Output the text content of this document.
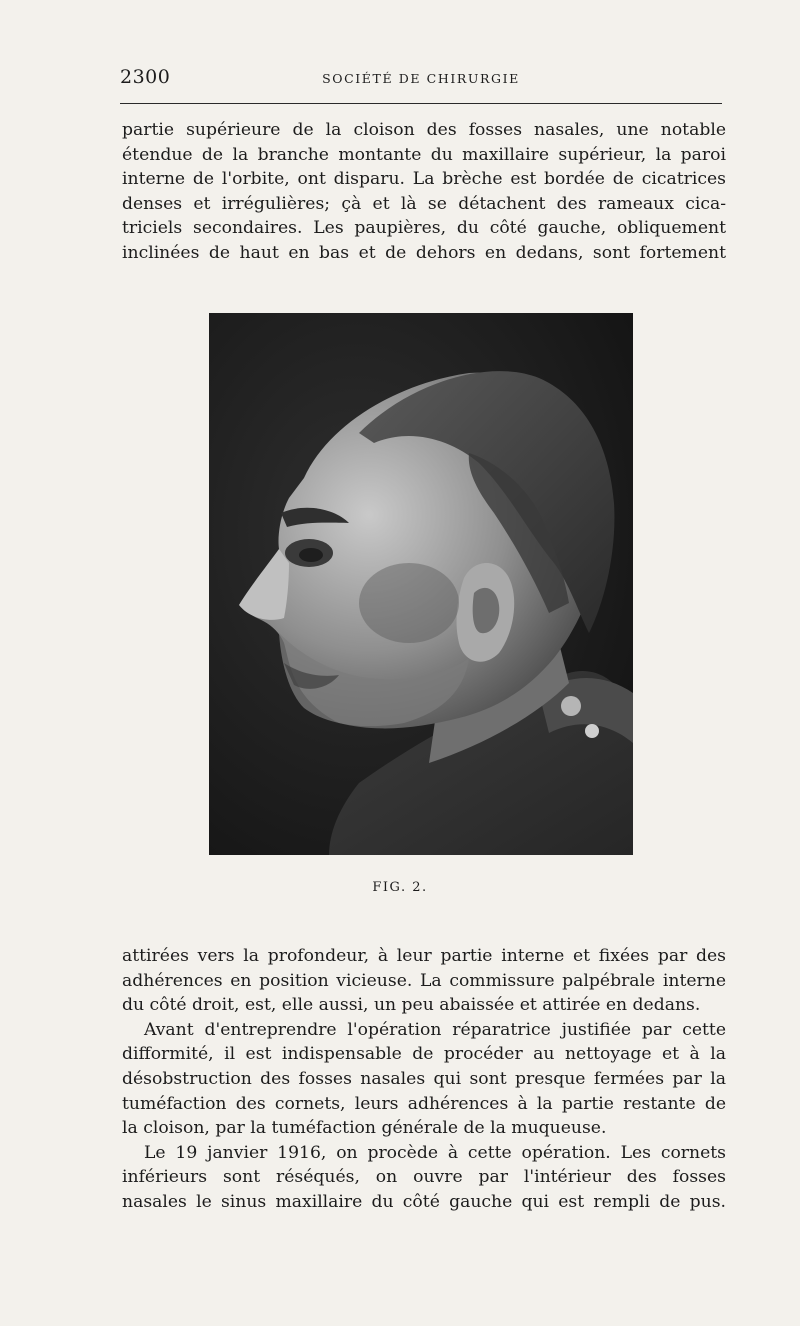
2300	SOCIÉTÉ DE CHIRURGIE
partie supérieure de la cloison des fosses nasales, une notable
étendue de la branche montante du maxillaire supérieur, la paroi
interne de l'orbite, ont disparu. La brèche est bordée de cicatrices
denses et irrégulières; çà et là se détachent des rameaux cica-
triciels secondaires. Les paupières, du côté gauche, obliquement
inclinées de haut en bas et de dehors en dedans, sont fortement
FIG. 2.
attirées vers la profondeur, à leur partie interne et fixées par des
adhérences en position vicieuse. La commissure palpébrale interne
du côté droit, est, elle aussi, un peu abaissée et attirée en dedans.
Avant d'entreprendre l'opération réparatrice justifiée par cette
difformité, il est indispensable de procéder au nettoyage et à la
désobstruction des fosses nasales qui sont presque fermées par la
tuméfaction des cornets, leurs adhérences à la partie restante de
la cloison, par la tuméfaction générale de la muqueuse.
Le 19 janvier 1916, on procède à cette opération. Les cornets
inférieurs sont réséqués, on ouvre par l'intérieur des fosses
nasales le sinus maxillaire du côté gauche qui est rempli de pus.
